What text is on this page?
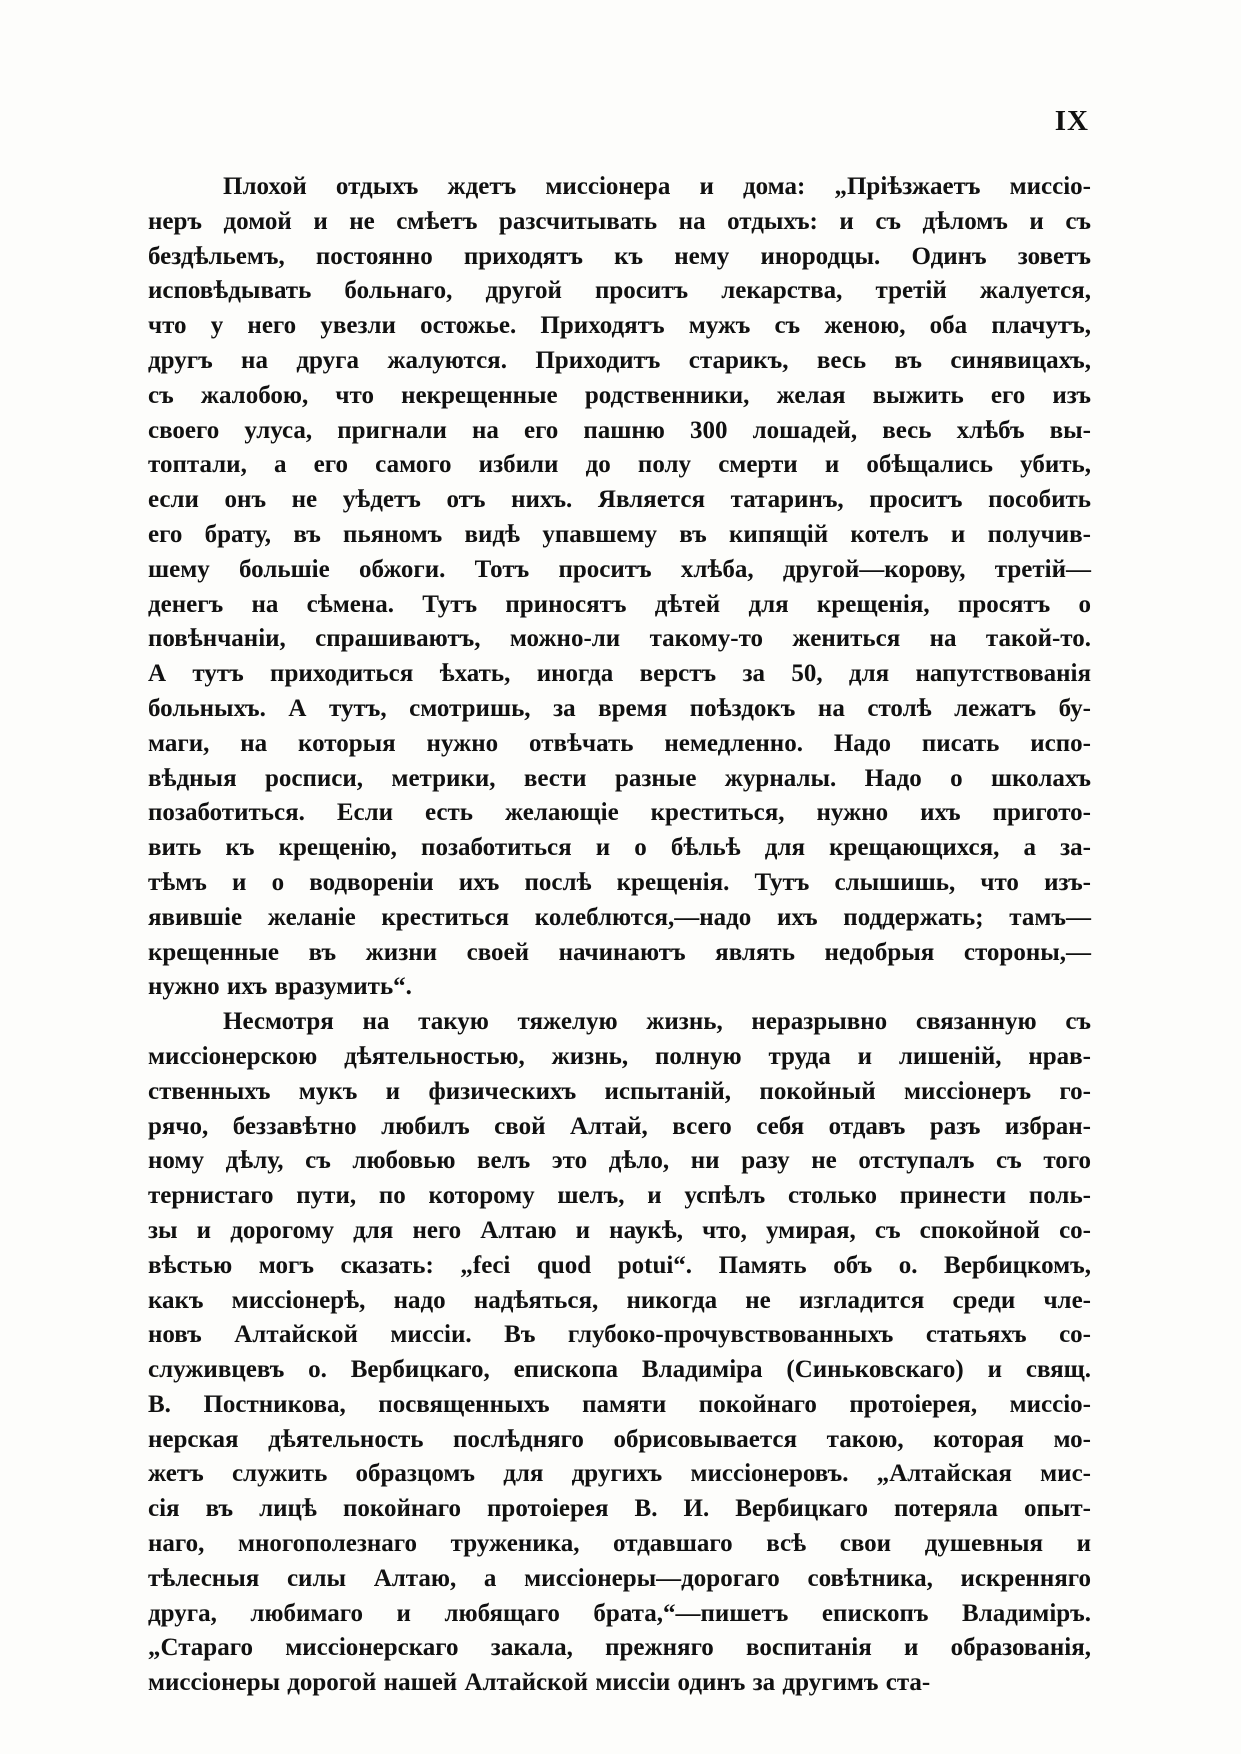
IX
Плохой отдыхъ ждетъ миссіонера и дома: „Пріѣзжаетъ миссіо-
неръ домой и не смѣетъ разсчитывать на отдыхъ: и съ дѣломъ и съ
бездѣльемъ, постоянно приходятъ къ нему инородцы. Одинъ зоветъ
исповѣдывать больнаго, другой проситъ лекарства, третій жалуется,
что у него увезли остожье. Приходятъ мужъ съ женою, оба плачутъ,
другъ на друга жалуются. Приходитъ старикъ, весь въ синявицахъ,
съ жалобою, что некрещенные родственники, желая выжить его изъ
своего улуса, пригнали на его пашню 300 лошадей, весь хлѣбъ вы-
топтали, а его самого избили до полу смерти и обѣщались убить,
если онъ не уѣдетъ отъ нихъ. Является татаринъ, проситъ пособить
его брату, въ пьяномъ видѣ упавшему въ кипящій котелъ и получив-
шему большіе обжоги. Тотъ проситъ хлѣба, другой—корову, третій—
денегъ на сѣмена. Тутъ приносятъ дѣтей для крещенія, просятъ о
повѣнчаніи, спрашиваютъ, можно-ли такому-то жениться на такой-то.
А тутъ приходиться ѣхать, иногда верстъ за 50, для напутствованія
больныхъ. А тутъ, смотришь, за время поѣздокъ на столѣ лежатъ бу-
маги, на которыя нужно отвѣчать немедленно. Надо писать испо-
вѣдныя росписи, метрики, вести разные журналы. Надо о школахъ
позаботиться. Если есть желающіе креститься, нужно ихъ пригото-
вить къ крещенію, позаботиться и о бѣльѣ для крещающихся, а за-
тѣмъ и о водвореніи ихъ послѣ крещенія. Тутъ слышишь, что изъ-
явившіе желаніе креститься колеблются,—надо ихъ поддержать; тамъ—
крещенные въ жизни своей начинаютъ являть недобрыя стороны,—
нужно ихъ вразумить“.
Несмотря на такую тяжелую жизнь, неразрывно связанную съ
миссіонерскою дѣятельностью, жизнь, полную труда и лишеній, нрав-
ственныхъ мукъ и физическихъ испытаній, покойный миссіонеръ го-
рячо, беззавѣтно любилъ свой Алтай, всего себя отдавъ разъ избран-
ному дѣлу, съ любовью велъ это дѣло, ни разу не отступалъ съ того
тернистаго пути, по которому шелъ, и успѣлъ столько принести поль-
зы и дорогому для него Алтаю и наукѣ, что, умирая, съ спокойной со-
вѣстью могъ сказать: „feci quod potui“. Память объ о. Вербицкомъ,
какъ миссіонерѣ, надо надѣяться, никогда не изгладится среди чле-
новъ Алтайской миссіи. Въ глубоко-прочувствованныхъ статьяхъ со-
служивцевъ о. Вербицкаго, епископа Владиміра (Синьковскаго) и свящ.
В. Постникова, посвященныхъ памяти покойнаго протоіерея, миссіо-
нерская дѣятельность послѣдняго обрисовывается такою, которая мо-
жетъ служить образцомъ для другихъ миссіонеровъ. „Алтайская мис-
сія въ лицѣ покойнаго протоіерея В. И. Вербицкаго потеряла опыт-
наго, многополезнаго труженика, отдавшаго всѣ свои душевныя и
тѣлесныя силы Алтаю, а миссіонеры—дорогаго совѣтника, искренняго
друга, любимаго и любящаго брата,“—пишетъ епископъ Владиміръ.
„Стараго миссіонерскаго закала, прежняго воспитанія и образованія,
миссіонеры дорогой нашей Алтайской миссіи одинъ за другимъ ста-
